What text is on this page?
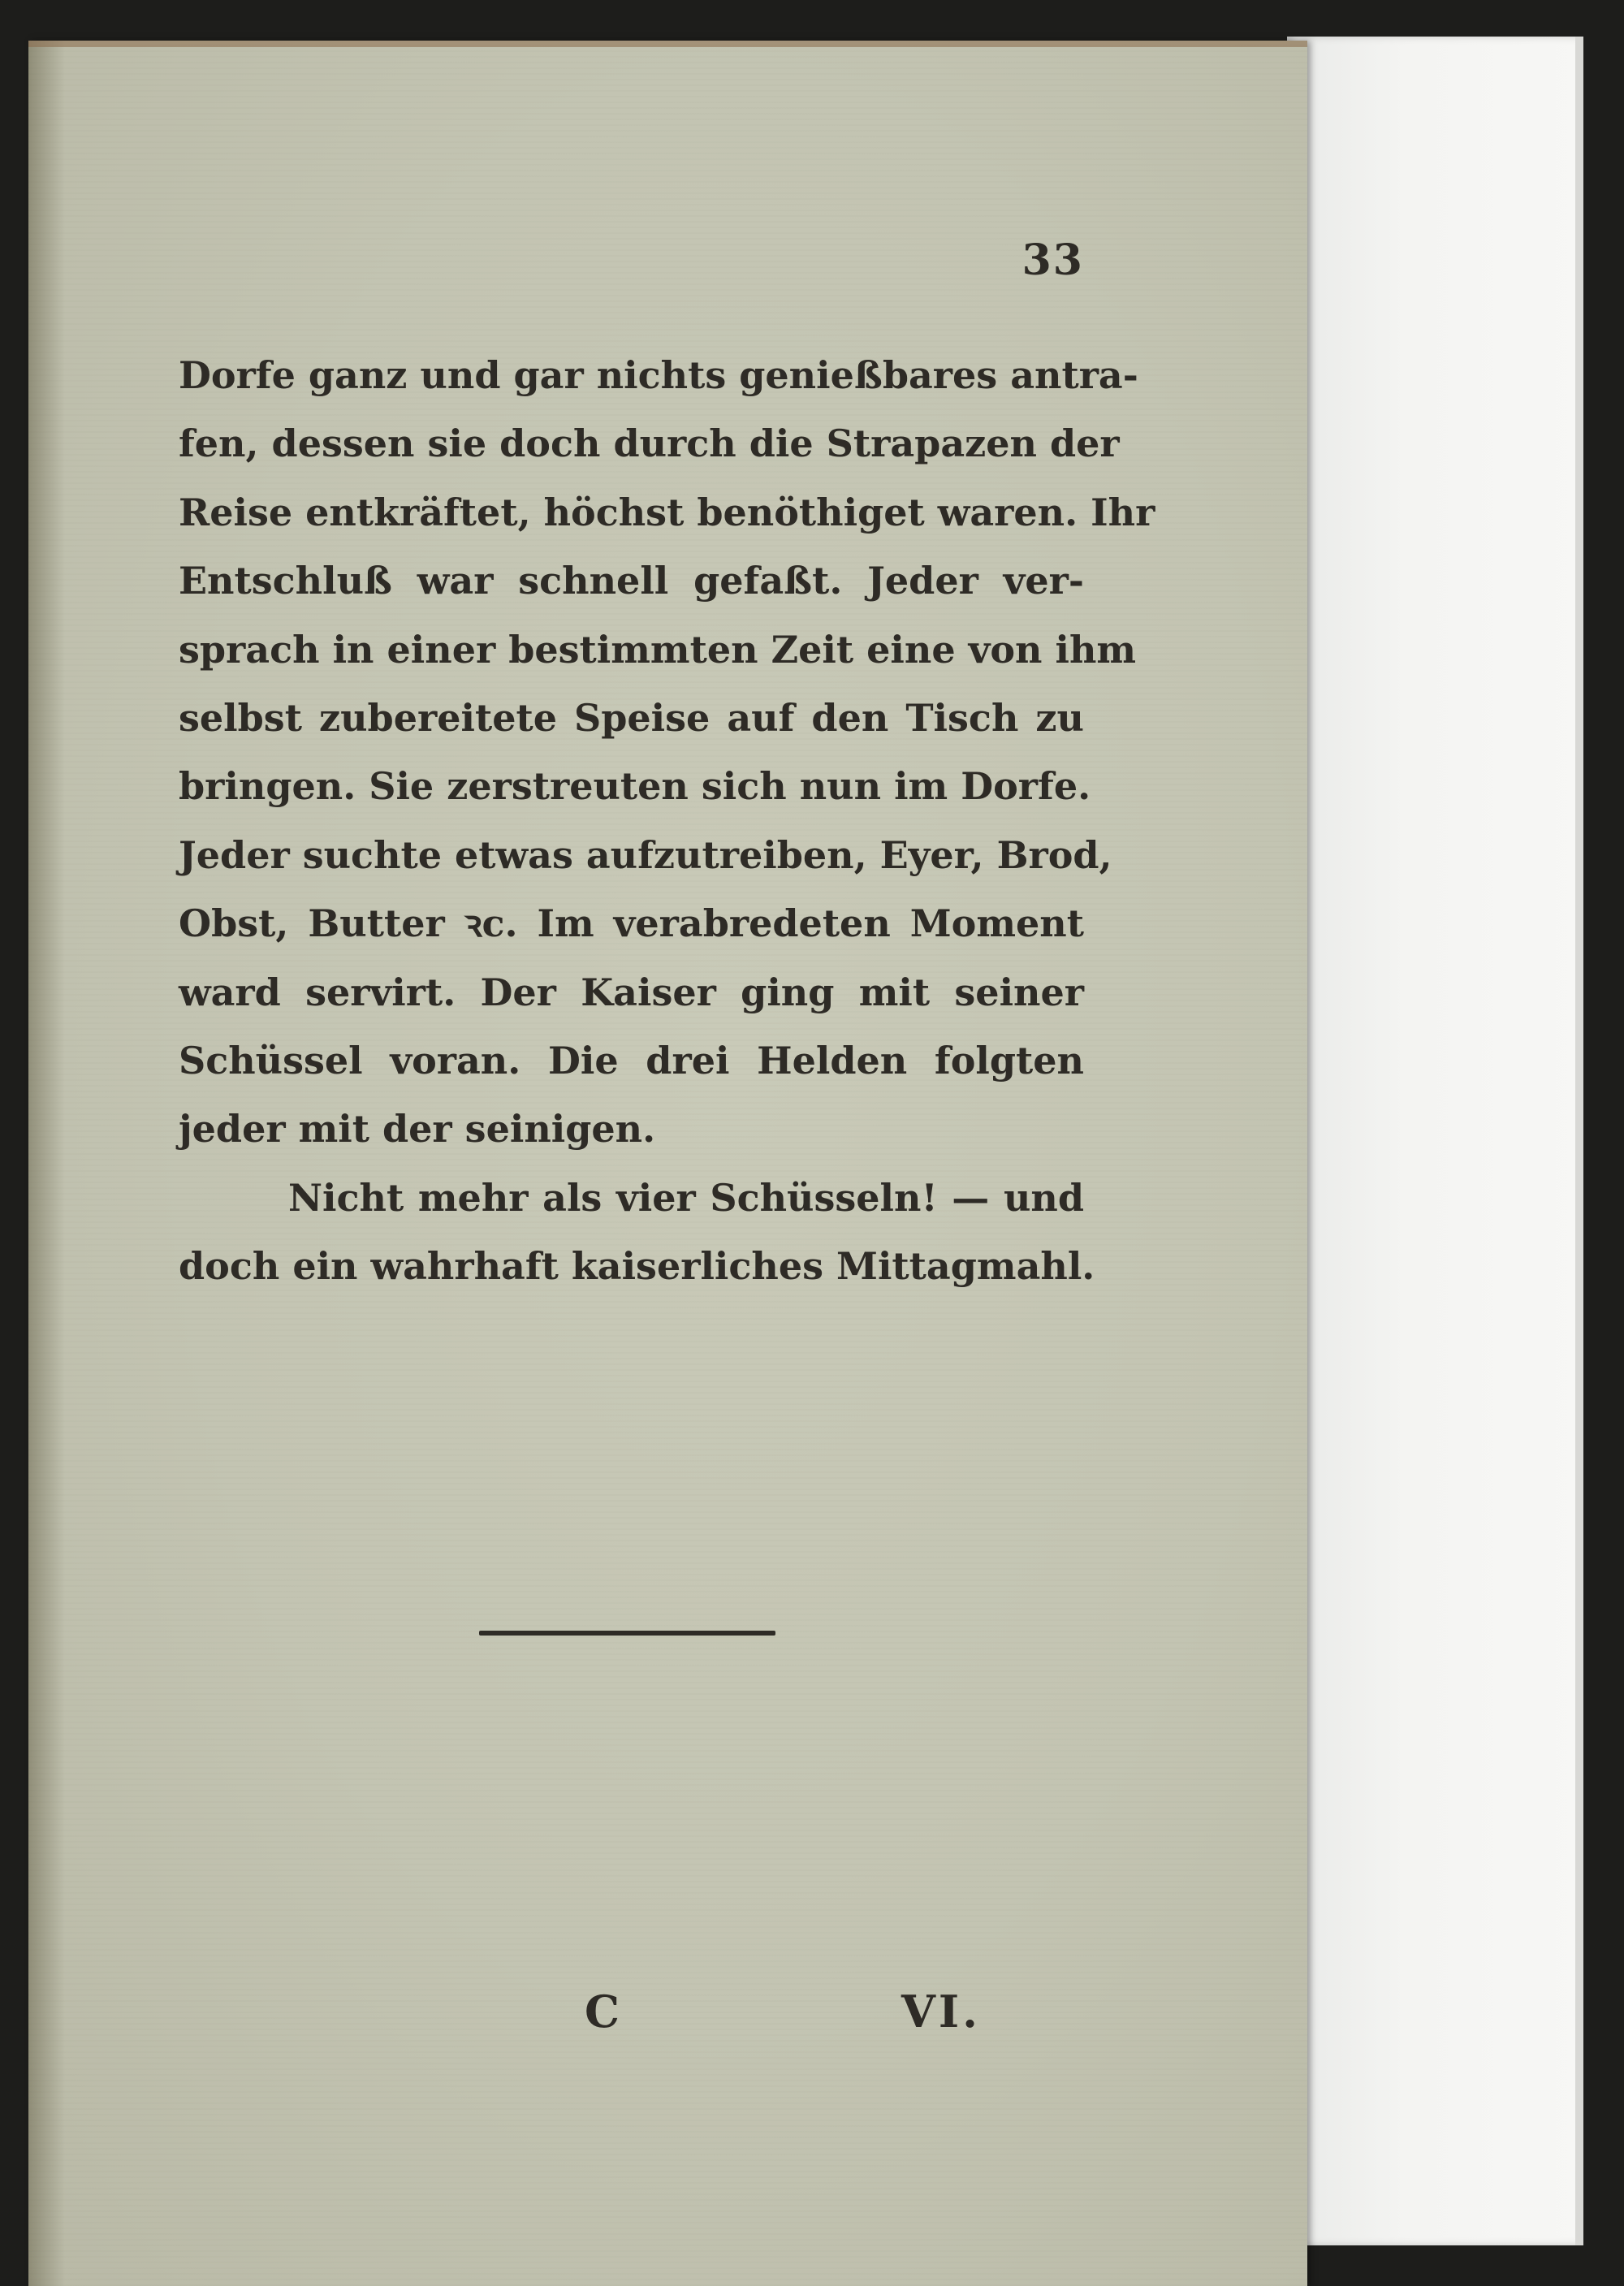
33
Dorfe ganz und gar nichts genießbares antra-
fen, dessen sie doch durch die Strapazen der
Reise entkräftet, höchst benöthiget waren. Ihr
Entschluß war schnell gefaßt. Jeder ver-
sprach in einer bestimmten Zeit eine von ihm
selbst zubereitete Speise auf den Tisch zu
bringen. Sie zerstreuten sich nun im Dorfe.
Jeder suchte etwas aufzutreiben, Eyer, Brod,
Obst, Butter ꝛc. Im verabredeten Moment
ward servirt. Der Kaiser ging mit seiner
Schüssel voran. Die drei Helden folgten
jeder mit der seinigen.
Nicht mehr als vier Schüsseln! — und
doch ein wahrhaft kaiserliches Mittagmahl.
C	VI.
